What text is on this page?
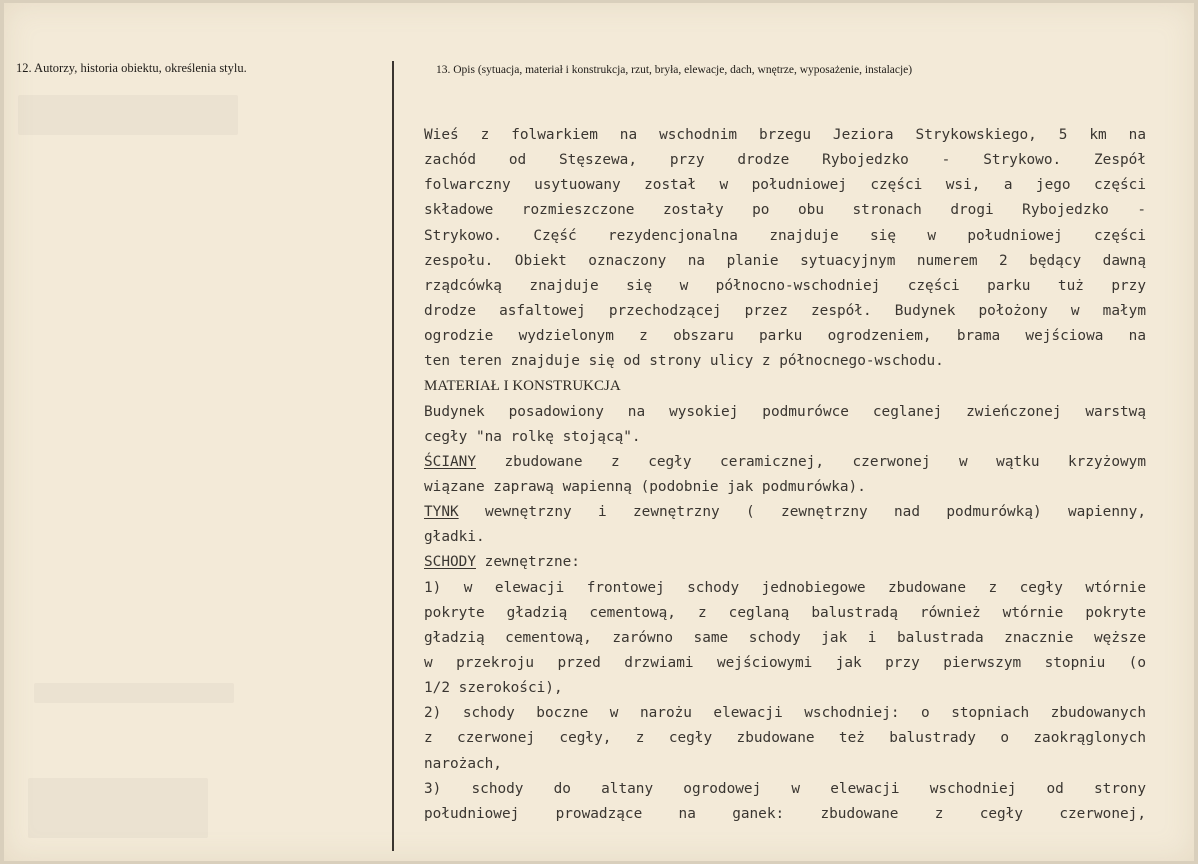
12. Autorzy, historia obiektu, określenia stylu.	13. Opis (sytuacja, materiał i konstrukcja, rzut, bryła, elewacje, dach, wnętrze, wyposażenie, instalacje)
Wieś z folwarkiem na wschodnim brzegu Jeziora Strykowskiego, 5 km na
zachód od Stęszewa, przy drodze Rybojedzko - Strykowo. Zespół
folwarczny usytuowany został w południowej części wsi, a jego części
składowe rozmieszczone zostały po obu stronach drogi Rybojedzko -
Strykowo. Część rezydencjonalna znajduje się w południowej części
zespołu. Obiekt oznaczony na planie sytuacyjnym numerem 2 będący dawną
rządcówką znajduje się w północno-wschodniej części parku tuż przy
drodze asfaltowej przechodzącej przez zespół. Budynek położony w małym
ogrodzie wydzielonym z obszaru parku ogrodzeniem, brama wejściowa na
ten teren znajduje się od strony ulicy z północnego-wschodu.
MATERIAŁ I KONSTRUKCJA
Budynek posadowiony na wysokiej podmurówce ceglanej zwieńczonej warstwą
cegły "na rolkę stojącą".
ŚCIANY zbudowane z cegły ceramicznej, czerwonej w wątku krzyżowym
wiązane zaprawą wapienną (podobnie jak podmurówka).
TYNK wewnętrzny i zewnętrzny ( zewnętrzny nad podmurówką) wapienny,
gładki.
SCHODY zewnętrzne:
1) w elewacji frontowej schody jednobiegowe zbudowane z cegły wtórnie
pokryte gładzią cementową, z ceglaną balustradą również wtórnie pokryte
gładzią cementową, zarówno same schody jak i balustrada znacznie węższe
w przekroju przed drzwiami wejściowymi jak przy pierwszym stopniu (o
1/2 szerokości),
2) schody boczne w narożu elewacji wschodniej: o stopniach zbudowanych
z czerwonej cegły, z cegły zbudowane też balustrady o zaokrąglonych
narożach,
3) schody do altany ogrodowej w elewacji wschodniej od strony
południowej prowadzące na ganek: zbudowane z cegły czerwonej,
